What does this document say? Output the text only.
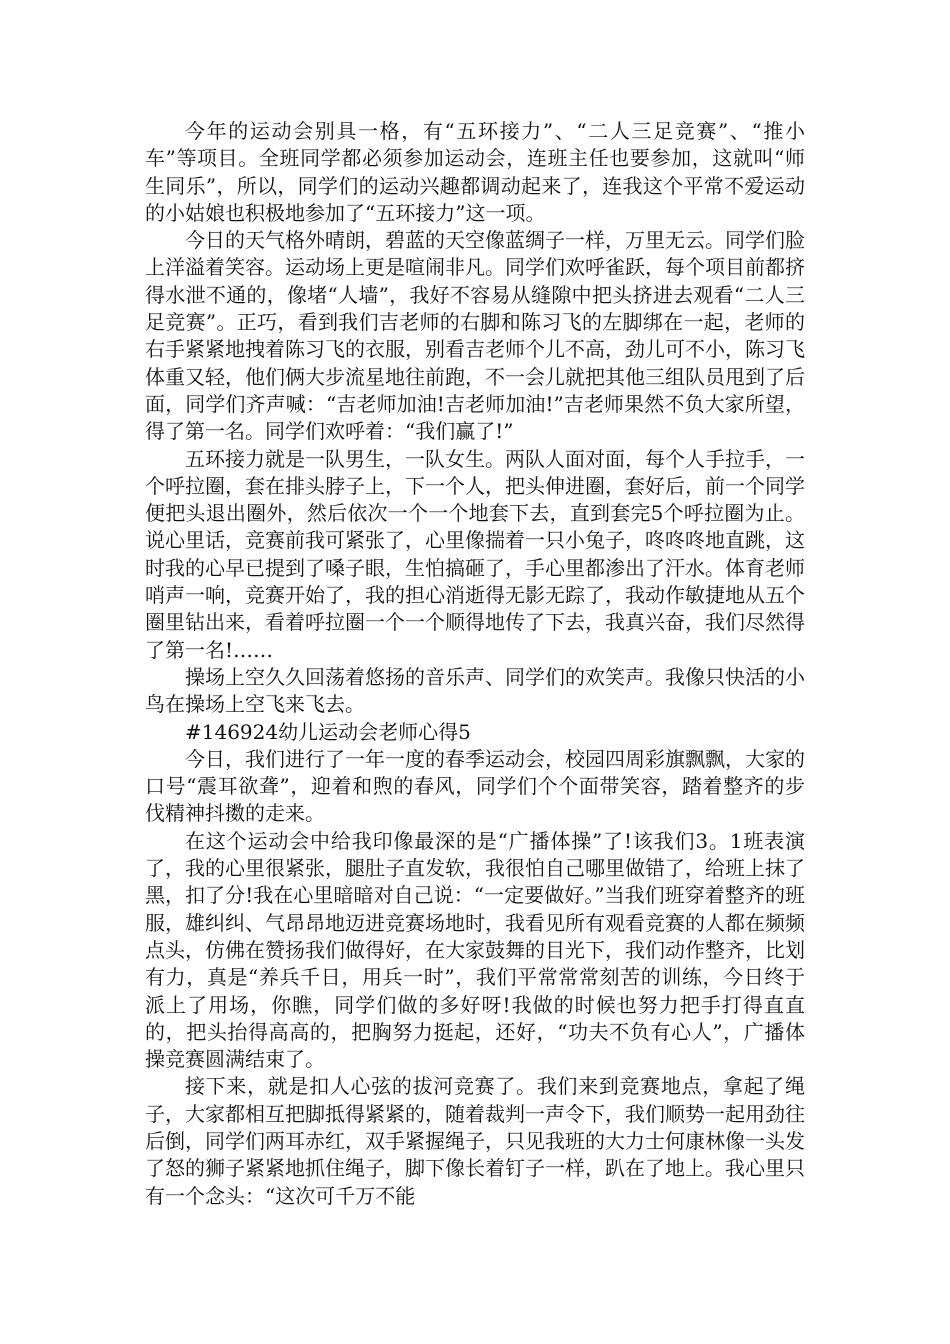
今年的运动会别具一格，有“五环接力”、“二人三足竞赛”、“推小车”等项目。全班同学都必须参加运动会，连班主任也要参加，这就叫“师生同乐”，所以，同学们的运动兴趣都调动起来了，连我这个平常不爱运动的小姑娘也积极地参加了“五环接力”这一项。

今日的天气格外晴朗，碧蓝的天空像蓝绸子一样，万里无云。同学们脸上洋溢着笑容。运动场上更是喧闹非凡。同学们欢呼雀跃，每个项目前都挤得水泄不通的，像堵“人墙”，我好不容易从缝隙中把头挤进去观看“二人三足竞赛”。正巧，看到我们吉老师的右脚和陈习飞的左脚绑在一起，老师的右手紧紧地拽着陈习飞的衣服，别看吉老师个儿不高，劲儿可不小，陈习飞体重又轻，他们俩大步流星地往前跑，不一会儿就把其他三组队员甩到了后面，同学们齐声喊：“吉老师加油!吉老师加油!”吉老师果然不负大家所望，得了第一名。同学们欢呼着：“我们赢了!”

五环接力就是一队男生，一队女生。两队人面对面，每个人手拉手，一个呼拉圈，套在排头脖子上，下一个人，把头伸进圈，套好后，前一个同学便把头退出圈外，然后依次一个一个地套下去，直到套完5个呼拉圈为止。说心里话，竞赛前我可紧张了，心里像揣着一只小兔子，咚咚咚地直跳，这时我的心早已提到了嗓子眼，生怕搞砸了，手心里都渗出了汗水。体育老师哨声一响，竞赛开始了，我的担心消逝得无影无踪了，我动作敏捷地从五个圈里钻出来，看着呼拉圈一个一个顺得地传了下去，我真兴奋，我们尽然得了第一名!……

操场上空久久回荡着悠扬的音乐声、同学们的欢笑声。我像只快活的小鸟在操场上空飞来飞去。

#146924幼儿运动会老师心得5

今日，我们进行了一年一度的春季运动会，校园四周彩旗飘飘，大家的口号“震耳欲聋”，迎着和煦的春风，同学们个个面带笑容，踏着整齐的步伐精神抖擞的走来。

在这个运动会中给我印像最深的是“广播体操”了!该我们3。1班表演了，我的心里很紧张，腿肚子直发软，我很怕自己哪里做错了，给班上抹了黑，扣了分!我在心里暗暗对自己说：“一定要做好。”当我们班穿着整齐的班服，雄纠纠、气昂昂地迈进竞赛场地时，我看见所有观看竞赛的人都在频频点头，仿佛在赞扬我们做得好，在大家鼓舞的目光下，我们动作整齐，比划有力，真是“养兵千日，用兵一时”，我们平常常常刻苦的训练，今日终于派上了用场，你瞧，同学们做的多好呀!我做的时候也努力把手打得直直的，把头抬得高高的，把胸努力挺起，还好，“功夫不负有心人”，广播体操竞赛圆满结束了。

接下来，就是扣人心弦的拔河竞赛了。我们来到竞赛地点，拿起了绳子，大家都相互把脚抵得紧紧的，随着裁判一声令下，我们顺势一起用劲往后倒，同学们两耳赤红，双手紧握绳子，只见我班的大力士何康林像一头发了怒的狮子紧紧地抓住绳子，脚下像长着钉子一样，趴在了地上。我心里只有一个念头：“这次可千万不能
